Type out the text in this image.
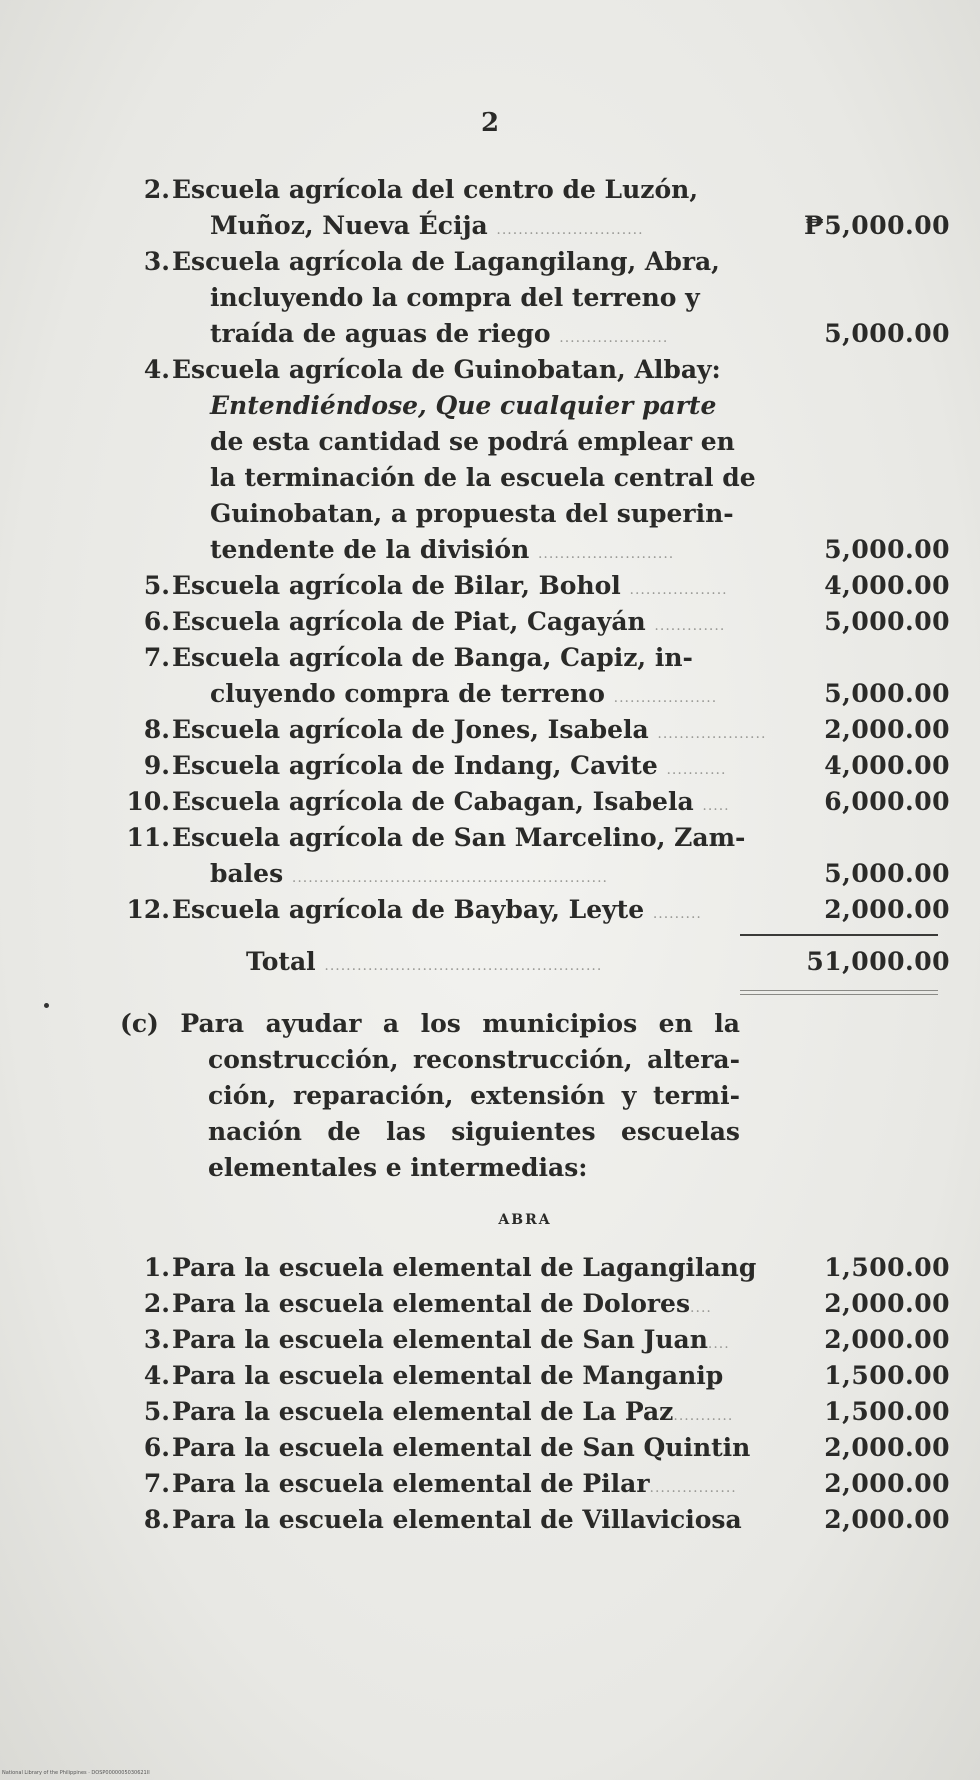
2
2. Escuela agrícola del centro de Luzón,
Muñoz, Nueva Écija ...........................	₱5,000.00
3. Escuela agrícola de Lagangilang, Abra,
incluyendo la compra del terreno y
traída de aguas de riego ....................	5,000.00
4. Escuela agrícola de Guinobatan, Albay:
Entendiéndose, Que cualquier parte
de esta cantidad se podrá emplear en
la terminación de la escuela central de
Guinobatan, a propuesta del superin-
tendente de la división .........................	5,000.00
5. Escuela agrícola de Bilar, Bohol ..................	4,000.00
6. Escuela agrícola de Piat, Cagayán .............	5,000.00
7. Escuela agrícola de Banga, Capiz, in-
cluyendo compra de terreno ...................	5,000.00
8. Escuela agrícola de Jones, Isabela ....................	2,000.00
9. Escuela agrícola de Indang, Cavite ...........	4,000.00
10. Escuela agrícola de Cabagan, Isabela .....	6,000.00
11. Escuela agrícola de San Marcelino, Zam-
bales ..........................................................	5,000.00
12. Escuela agrícola de Baybay, Leyte .........	2,000.00
Total ...................................................	51,000.00
(c) Para ayudar a los municipios en la
construcción, reconstrucción, altera-
ción, reparación, extensión y termi-
nación de las siguientes escuelas
elementales e intermedias:
ABRA
1. Para la escuela elemental de Lagangilang	1,500.00
2. Para la escuela elemental de Dolores....	2,000.00
3. Para la escuela elemental de San Juan....	2,000.00
4. Para la escuela elemental de Manganip	1,500.00
5. Para la escuela elemental de La Paz...........	1,500.00
6. Para la escuela elemental de San Quintin	2,000.00
7. Para la escuela elemental de Pilar................	2,000.00
8. Para la escuela elemental de Villaviciosa	2,000.00
National Library of the Philippines · DOSP0000005030621II
